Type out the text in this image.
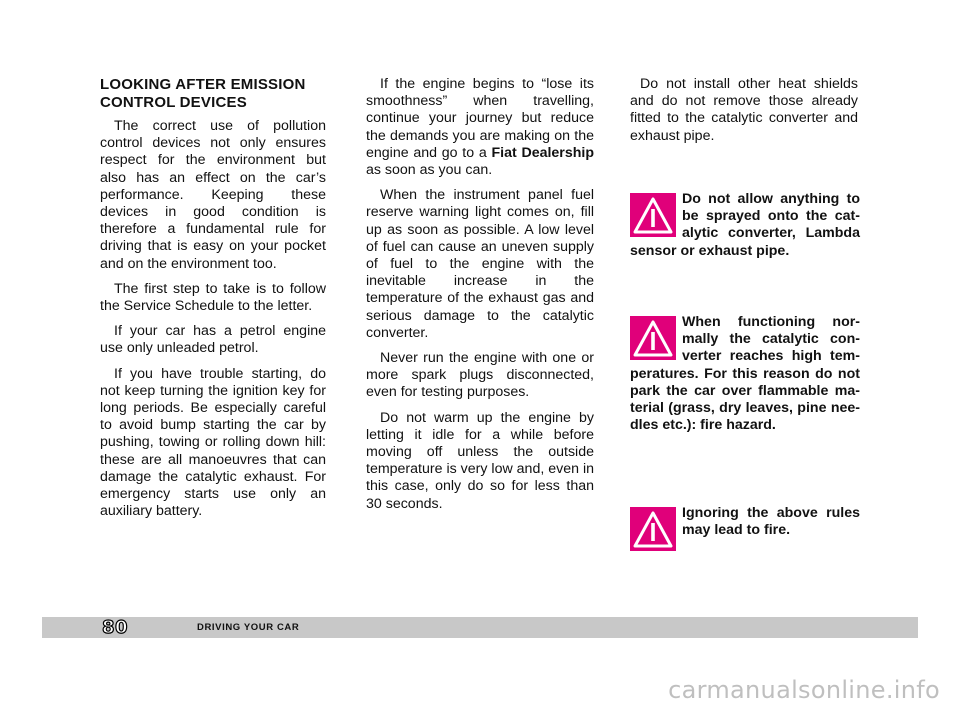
LOOKING AFTER EMISSION CONTROL DEVICES

The correct use of pollution control devices not only ensures respect for the environment but also has an effect on the car’s performance. Keeping these devices in good condition is therefore a fundamental rule for driving that is easy on your pocket and on the environment too.

The first step to take is to follow the Service Schedule to the letter.

If your car has a petrol engine use only unleaded petrol.

If you have trouble starting, do not keep turning the ignition key for long periods. Be especially careful to avoid bump starting the car by pushing, towing or rolling down hill: these are all manoeuvres that can damage the catalytic exhaust. For emergency starts use only an auxiliary battery.

If the engine begins to “lose its smoothness” when travelling, continue your journey but reduce the demands you are making on the engine and go to a Fiat Dealership as soon as you can.

When the instrument panel fuel reserve warning light comes on, fill up as soon as possible. A low level of fuel can cause an uneven supply of fuel to the engine with the inevitable increase in the temperature of the exhaust gas and serious damage to the catalytic converter.

Never run the engine with one or more spark plugs disconnected, even for testing purposes.

Do not warm up the engine by letting it idle for a while before moving off unless the outside temperature is very low and, even in this case, only do so for less than 30 seconds.

Do not install other heat shields and do not remove those already fitted to the catalytic converter and exhaust pipe.

Do not allow anything to be sprayed onto the catalytic converter, Lambda sensor or exhaust pipe.
When functioning normally the catalytic converter reaches high temperatures. For this reason do not park the car over flammable material (grass, dry leaves, pine needles etc.): fire hazard.
Ignoring the above rules may lead to fire.
80	DRIVING YOUR CAR
carmanualsonline.info
